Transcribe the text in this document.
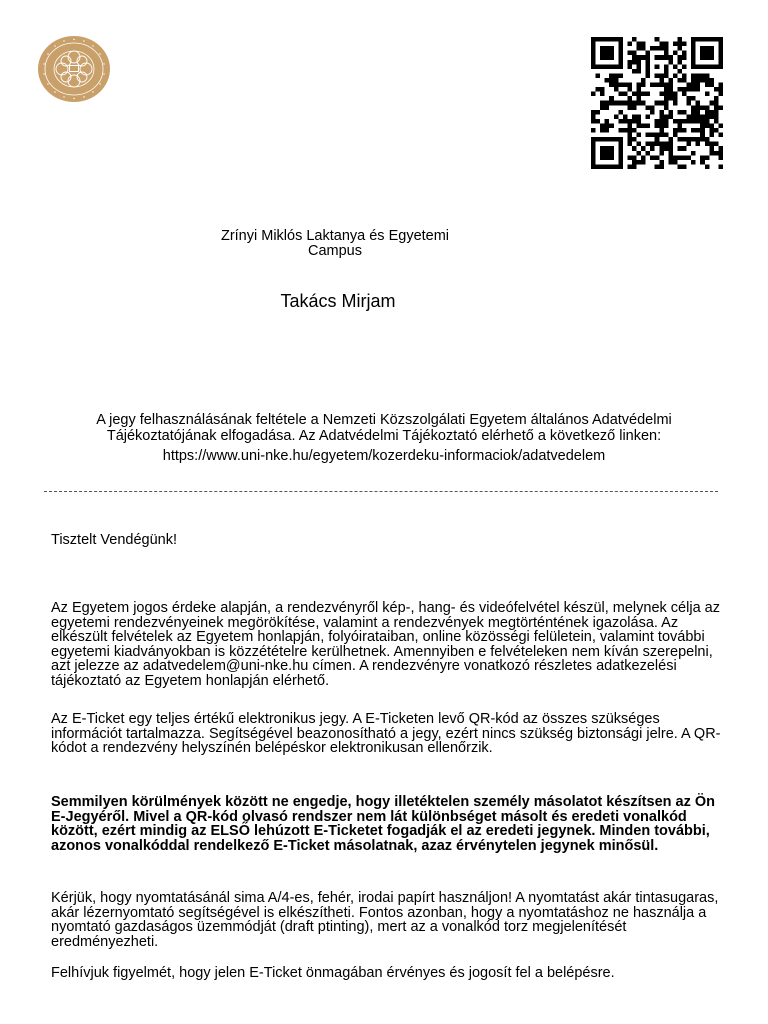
Zrínyi Miklós Laktanya és Egyetemi Campus
Takács Mirjam
A jegy felhasználásának feltétele a Nemzeti Közszolgálati Egyetem általános Adatvédelmi Tájékoztatójának elfogadása. Az Adatvédelmi Tájékoztató elérhető a következő linken:
https://www.uni-nke.hu/egyetem/kozerdeku-informaciok/adatvedelem

Tisztelt Vendégünk!

Az Egyetem jogos érdeke alapján, a rendezvényről kép-, hang- és videófelvétel készül, melynek célja az egyetemi rendezvényeinek megörökítése, valamint a rendezvények megtörténtének igazolása. Az elkészült felvételek az Egyetem honlapján, folyóirataiban, online közösségi felületein, valamint további egyetemi kiadványokban is közzétételre kerülhetnek. Amennyiben e felvételeken nem kíván szerepelni, azt jelezze az adatvedelem@uni-nke.hu címen. A rendezvényre vonatkozó részletes adatkezelési tájékoztató az Egyetem honlapján elérhető.

Az E-Ticket egy teljes értékű elektronikus jegy. A E-Ticketen levő QR-kód az összes szükséges információt tartalmazza. Segítségével beazonosítható a jegy, ezért nincs szükség biztonsági jelre. A QR-kódot a rendezvény helyszínén belépéskor elektronikusan ellenőrzik.

Semmilyen körülmények között ne engedje, hogy illetéktelen személy másolatot készítsen az Ön E-Jegyéről. Mivel a QR-kód olvasó rendszer nem lát különbséget másolt és eredeti vonalkód között, ezért mindig az ELSŐ lehúzott E-Ticketet fogadják el az eredeti jegynek. Minden további, azonos vonalkóddal rendelkező E-Ticket másolatnak, azaz érvénytelen jegynek minősül.

Kérjük, hogy nyomtatásánál sima A/4-es, fehér, irodai papírt használjon! A nyomtatást akár tintasugaras, akár lézernyomtató segítségével is elkészítheti. Fontos azonban, hogy a nyomtatáshoz ne használja a nyomtató gazdaságos üzemmódját (draft ptinting), mert az a vonalkód torz megjelenítését eredményezheti.

Felhívjuk figyelmét, hogy jelen E-Ticket önmagában érvényes és jogosít fel a belépésre.
